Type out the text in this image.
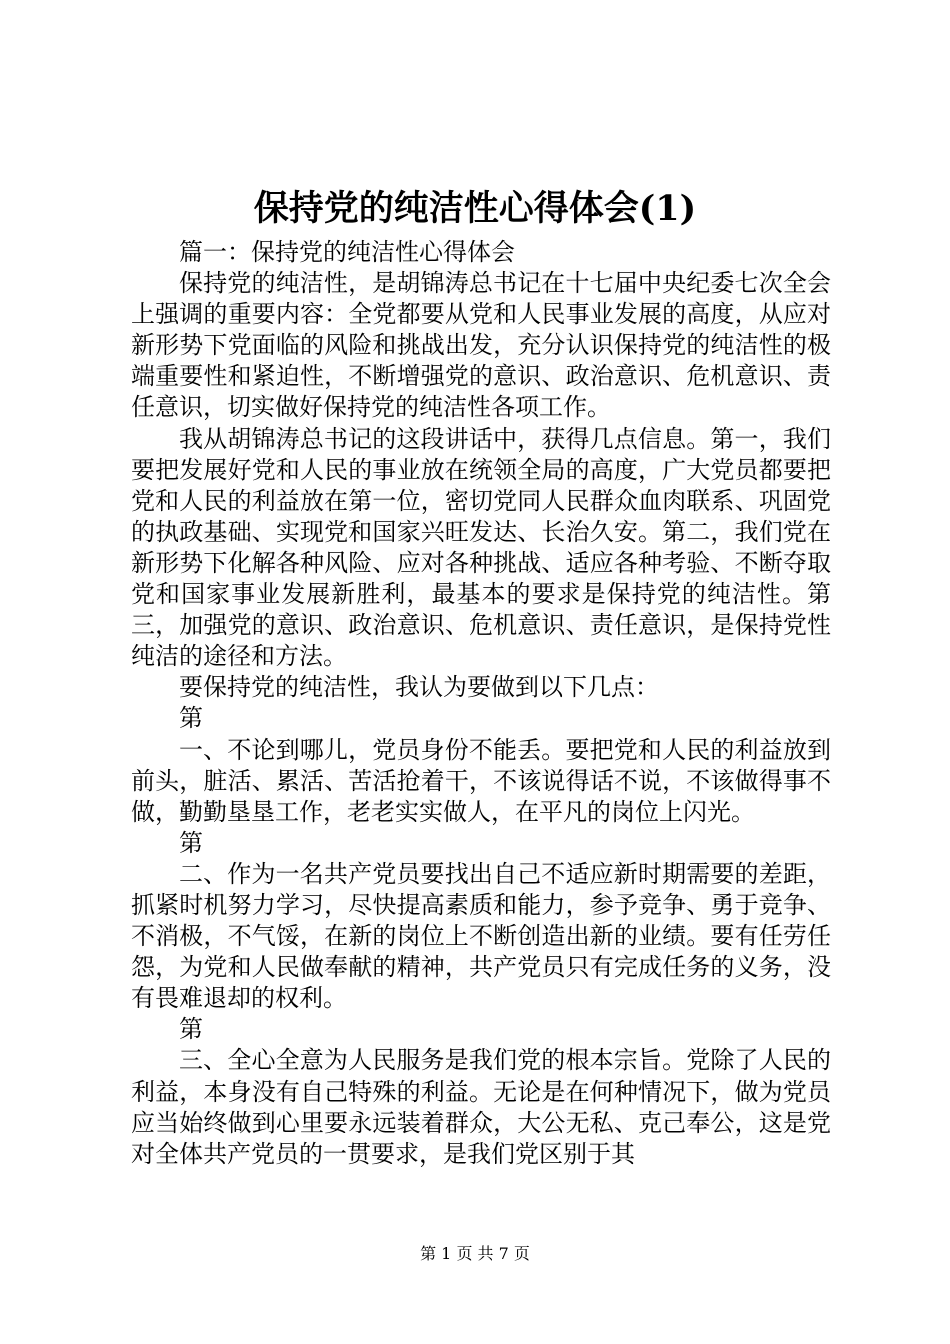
保持党的纯洁性心得体会(1)

篇一：保持党的纯洁性心得体会

保持党的纯洁性，是胡锦涛总书记在十七届中央纪委七次全会上强调的重要内容：全党都要从党和人民事业发展的高度，从应对新形势下党面临的风险和挑战出发，充分认识保持党的纯洁性的极端重要性和紧迫性，不断增强党的意识、政治意识、危机意识、责任意识，切实做好保持党的纯洁性各项工作。

我从胡锦涛总书记的这段讲话中，获得几点信息。第一，我们要把发展好党和人民的事业放在统领全局的高度，广大党员都要把党和人民的利益放在第一位，密切党同人民群众血肉联系、巩固党的执政基础、实现党和国家兴旺发达、长治久安。第二，我们党在新形势下化解各种风险、应对各种挑战、适应各种考验、不断夺取党和国家事业发展新胜利，最基本的要求是保持党的纯洁性。第三，加强党的意识、政治意识、危机意识、责任意识，是保持党性纯洁的途径和方法。

要保持党的纯洁性，我认为要做到以下几点：

第

一、不论到哪儿，党员身份不能丢。要把党和人民的利益放到前头，脏活、累活、苦活抢着干，不该说得话不说，不该做得事不做，勤勤垦垦工作，老老实实做人，在平凡的岗位上闪光。

第

二、作为一名共产党员要找出自己不适应新时期需要的差距，抓紧时机努力学习，尽快提高素质和能力，参予竞争、勇于竞争、不消极，不气馁，在新的岗位上不断创造出新的业绩。要有任劳任怨，为党和人民做奉献的精神，共产党员只有完成任务的义务，没有畏难退却的权利。

第

三、全心全意为人民服务是我们党的根本宗旨。党除了人民的利益，本身没有自己特殊的利益。无论是在何种情况下，做为党员应当始终做到心里要永远装着群众，大公无私、克己奉公，这是党对全体共产党员的一贯要求，是我们党区别于其

第 1 页 共 7 页
